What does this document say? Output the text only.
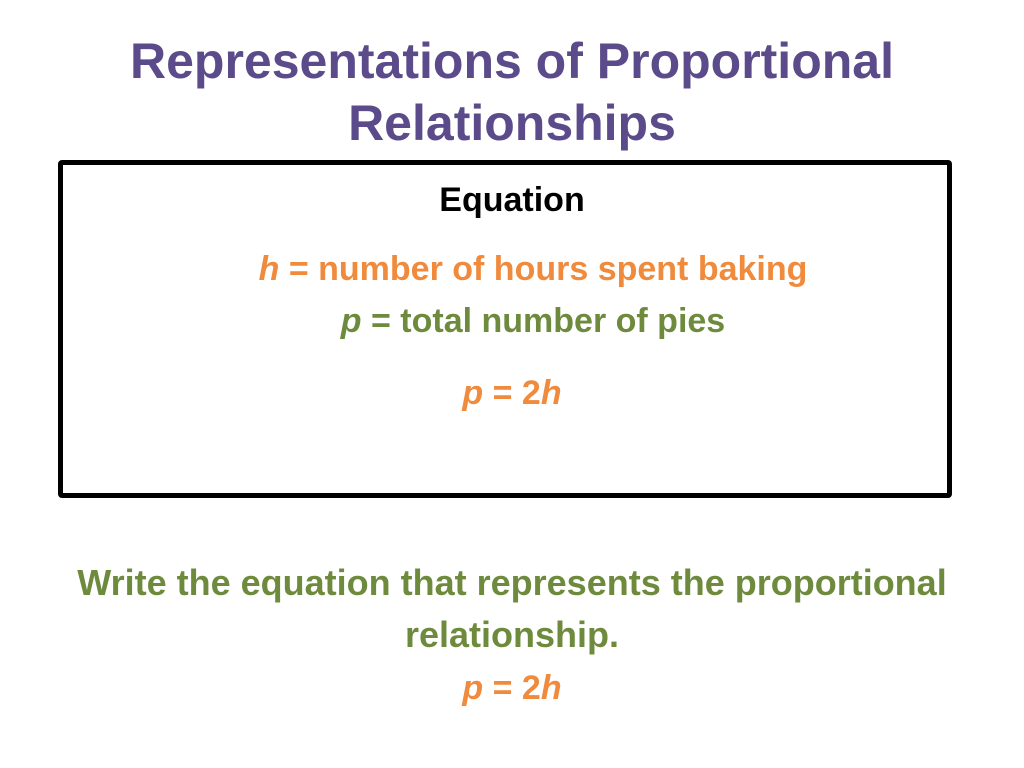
Representations of Proportional
Relationships
Equation
h = number of hours spent baking
p = total number of pies
p = 2h
Write the equation that represents the proportional
relationship.
p = 2h
